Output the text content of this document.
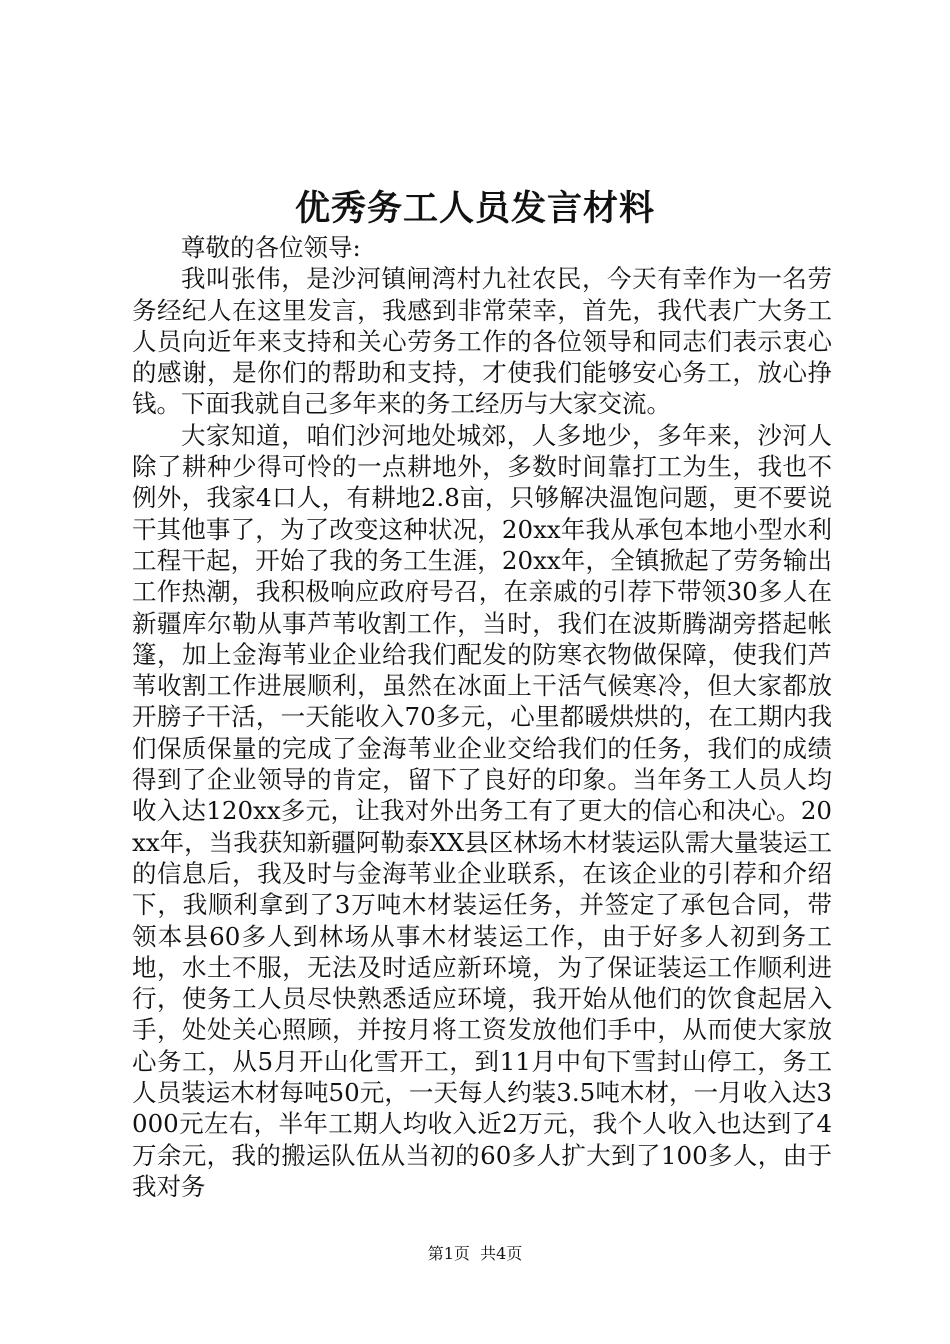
优秀务工人员发言材料

尊敬的各位领导:

我叫张伟，是沙河镇闸湾村九社农民，今天有幸作为一名劳务经纪人在这里发言，我感到非常荣幸，首先，我代表广大务工人员向近年来支持和关心劳务工作的各位领导和同志们表示衷心的感谢，是你们的帮助和支持，才使我们能够安心务工，放心挣钱。下面我就自己多年来的务工经历与大家交流。

大家知道，咱们沙河地处城郊，人多地少，多年来，沙河人除了耕种少得可怜的一点耕地外，多数时间靠打工为生，我也不例外，我家4口人，有耕地2.8亩，只够解决温饱问题，更不要说干其他事了，为了改变这种状况，20xx年我从承包本地小型水利工程干起，开始了我的务工生涯，20xx年，全镇掀起了劳务输出工作热潮，我积极响应政府号召，在亲戚的引荐下带领30多人在新疆库尔勒从事芦苇收割工作，当时，我们在波斯腾湖旁搭起帐篷，加上金海苇业企业给我们配发的防寒衣物做保障，使我们芦苇收割工作进展顺利，虽然在冰面上干活气候寒冷，但大家都放开膀子干活，一天能收入70多元，心里都暖烘烘的，在工期内我们保质保量的完成了金海苇业企业交给我们的任务，我们的成绩得到了企业领导的肯定，留下了良好的印象。当年务工人员人均收入达120xx多元，让我对外出务工有了更大的信心和决心。20xx年，当我获知新疆阿勒泰XX县区林场木材装运队需大量装运工的信息后，我及时与金海苇业企业联系，在该企业的引荐和介绍下，我顺利拿到了3万吨木材装运任务，并签定了承包合同，带领本县60多人到林场从事木材装运工作，由于好多人初到务工地，水土不服，无法及时适应新环境，为了保证装运工作顺利进行，使务工人员尽快熟悉适应环境，我开始从他们的饮食起居入手，处处关心照顾，并按月将工资发放他们手中，从而使大家放心务工，从5月开山化雪开工，到11月中旬下雪封山停工，务工人员装运木材每吨50元，一天每人约装3.5吨木材，一月收入达3000元左右，半年工期人均收入近2万元，我个人收入也达到了4万余元，我的搬运队伍从当初的60多人扩大到了100多人，由于我对务

第1页  共4页
